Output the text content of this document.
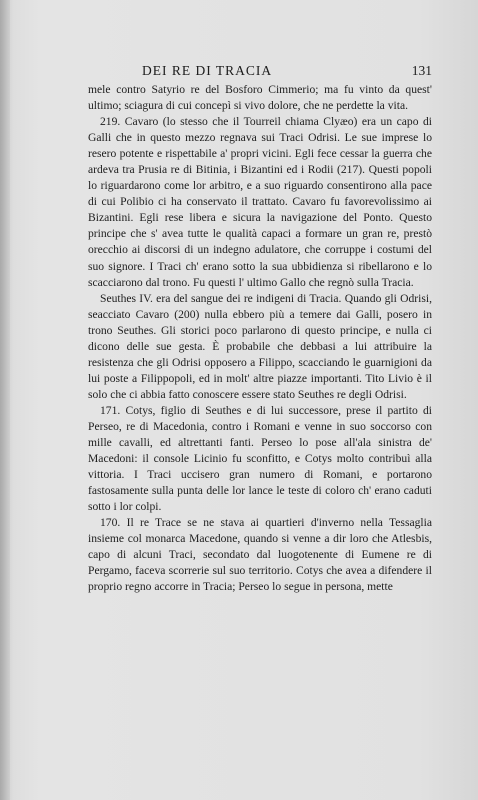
DEI RE DI TRACIA	131

mele contro Satyrio re del Bosforo Cimmerio; ma fu vinto da quest' ultimo; sciagura di cui concepì si vivo dolore, che ne perdette la vita.

219. Cavaro (lo stesso che il Tourreil chiama Clyæo) era un capo di Galli che in questo mezzo regnava sui Traci Odrisi. Le sue imprese lo resero potente e rispettabile a' propri vicini. Egli fece cessar la guerra che ardeva tra Prusia re di Bitinia, i Bizantini ed i Rodii (217). Questi popoli lo riguardarono come lor arbitro, e a suo riguardo consentirono alla pace di cui Polibio ci ha conservato il trattato. Cavaro fu favorevolissimo ai Bizantini. Egli rese libera e sicura la navigazione del Ponto. Questo principe che s' avea tutte le qualità capaci a formare un gran re, prestò orecchio ai discorsi di un indegno adulatore, che corruppe i costumi del suo signore. I Traci ch' erano sotto la sua ubbidienza si ribellarono e lo scacciarono dal trono. Fu questi l' ultimo Gallo che regnò sulla Tracia.

Seuthes IV. era del sangue dei re indigeni di Tracia. Quando gli Odrisi, seacciato Cavaro (200) nulla ebbero più a temere dai Galli, posero in trono Seuthes. Gli storici poco parlarono di questo principe, e nulla ci dicono delle sue gesta. È probabile che debbasi a lui attribuire la resistenza che gli Odrisi opposero a Filippo, scacciando le guarnigioni da lui poste a Filippopoli, ed in molt' altre piazze importanti. Tito Livio è il solo che ci abbia fatto conoscere essere stato Seuthes re degli Odrisi.

171. Cotys, figlio di Seuthes e di lui successore, prese il partito di Perseo, re di Macedonia, contro i Romani e venne in suo soccorso con mille cavalli, ed altrettanti fanti. Perseo lo pose all'ala sinistra de' Macedoni: il console Licinio fu sconfitto, e Cotys molto contribuì alla vittoria. I Traci uccisero gran numero di Romani, e portarono fastosamente sulla punta delle lor lance le teste di coloro ch' erano caduti sotto i lor colpi.

170. Il re Trace se ne stava ai quartieri d'inverno nella Tessaglia insieme col monarca Macedone, quando si venne a dir loro che Atlesbis, capo di alcuni Traci, secondato dal luogotenente di Eumene re di Pergamo, faceva scorrerie sul suo territorio. Cotys che avea a difendere il proprio regno accorre in Tracia; Perseo lo segue in persona, mette
